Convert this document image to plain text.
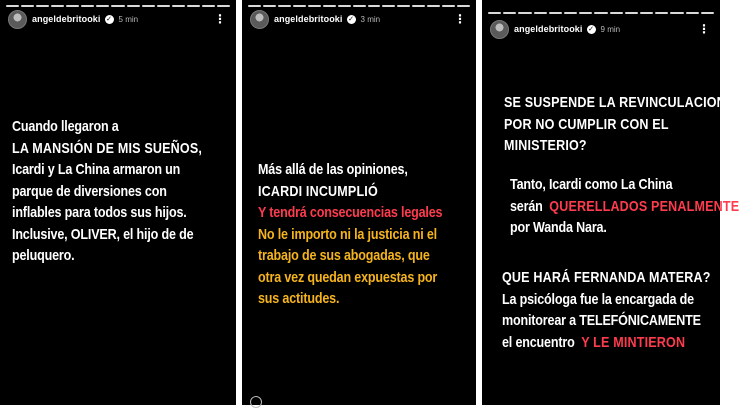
angeldebritooki ✓ 5 min	⋮
Cuando llegaron a
LA MANSIÓN DE MIS SUEÑOS,
Icardi y La China armaron un
parque de diversiones con
inflables para todos sus hijos.
Inclusive, OLIVER, el hijo de de
peluquero.
angeldebritooki ✓ 3 min	⋮
Más allá de las opiniones,
ICARDI INCUMPLIÓ
Y tendrá consecuencias legales
No le importo ni la justicia ni el
trabajo de sus abogadas, que
otra vez quedan expuestas por
sus actitudes.
angeldebritooki ✓ 9 min	⋮
SE SUSPENDE LA REVINCULACION
POR NO CUMPLIR CON EL
MINISTERIO?
Tanto, Icardi como La China
serán QUERELLADOS PENALMENTE
por Wanda Nara.
QUE HARÁ FERNANDA MATERA?
La psicóloga fue la encargada de
monitorear a TELEFÓNICAMENTE
el encuentro Y LE MINTIERON
